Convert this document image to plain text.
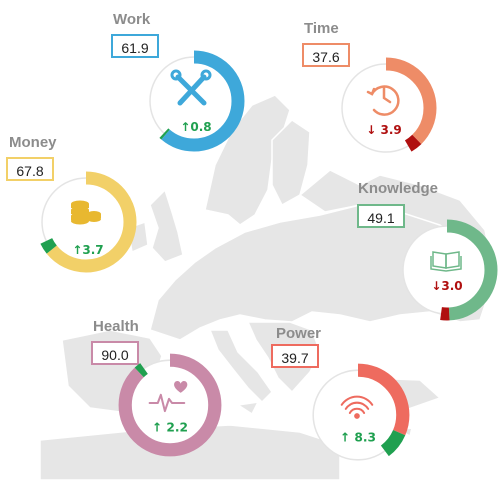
Work
61.9
↑0.8
Time
37.6
↓ 3.9
Money
67.8
↑3.7
Knowledge
49.1
↓3.0
Health
90.0
↑ 2.2
Power
39.7
↑ 8.3
